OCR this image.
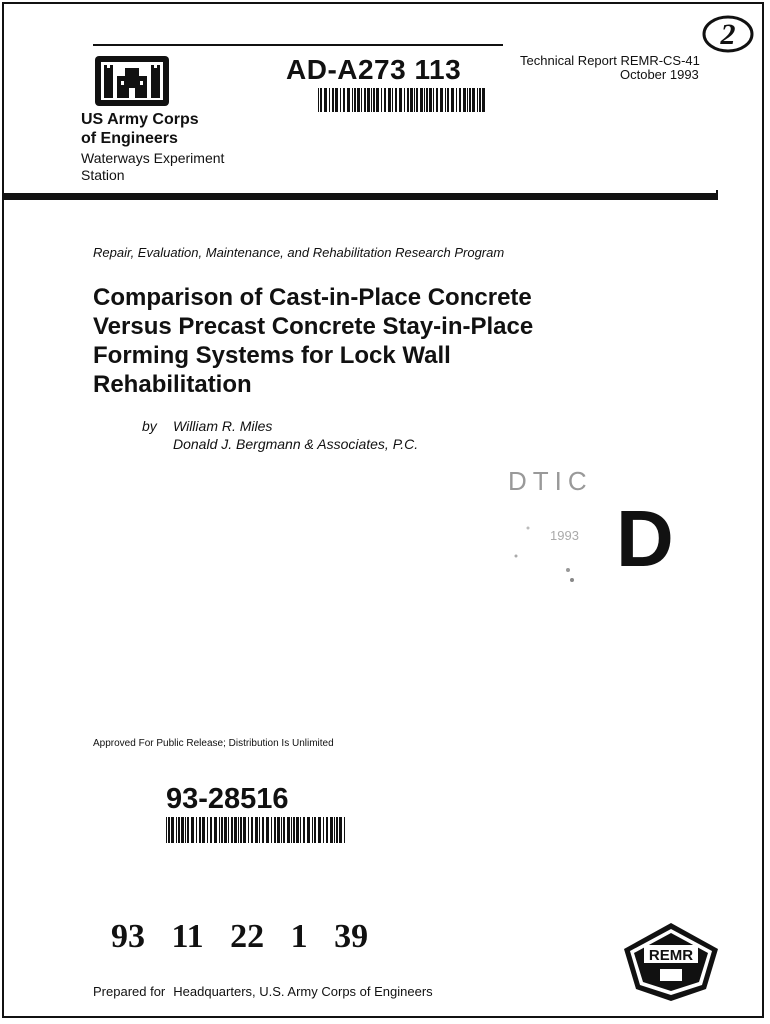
US Army Corps
of Engineers
Waterways Experiment
Station
AD-A273 113	Technical Report REMR-CS-41
October 1993
2
Repair, Evaluation, Maintenance, and Rehabilitation Research Program
Comparison of Cast-in-Place Concrete
Versus Precast Concrete Stay-in-Place
Forming Systems for Lock Wall
Rehabilitation
by William R. Miles
Donald J. Bergmann & Associates, P.C.
DTIC
1993 D
Approved For Public Release; Distribution Is Unlimited
93-28516
93 11 22 1 39
Prepared for Headquarters, U.S. Army Corps of Engineers
REMR
